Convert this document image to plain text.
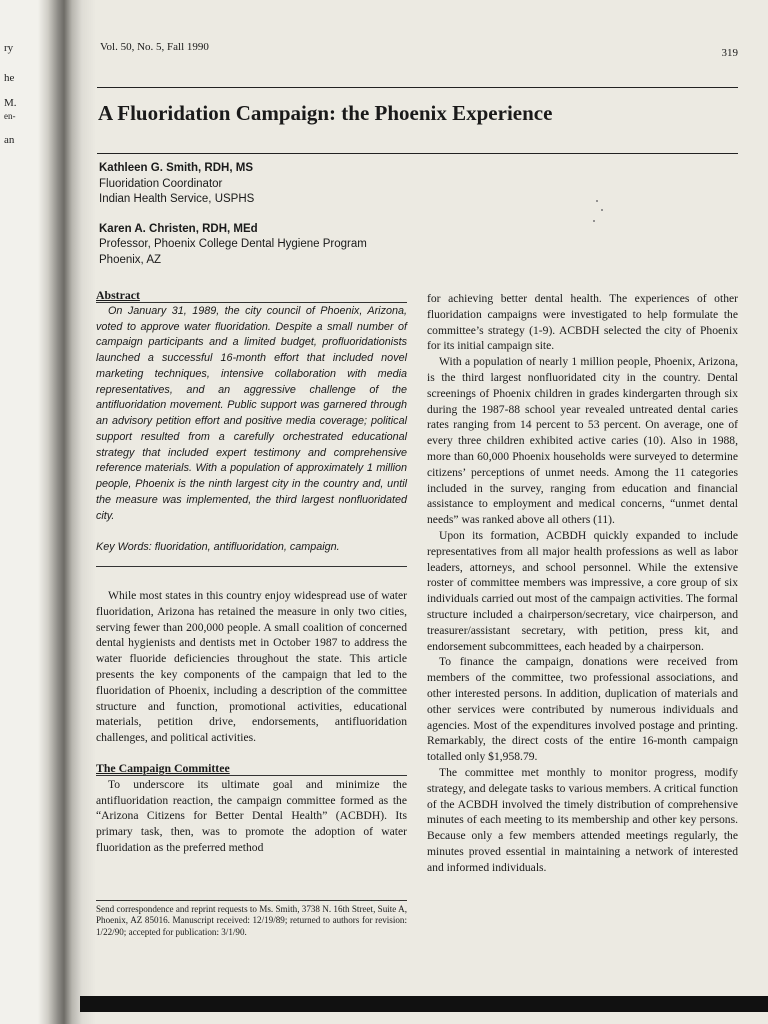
ry
he
M.
en-
an
Vol. 50, No. 5, Fall 1990	319
A Fluoridation Campaign: the Phoenix Experience
Kathleen G. Smith, RDH, MS
Fluoridation Coordinator
Indian Health Service, USPHS
Karen A. Christen, RDH, MEd
Professor, Phoenix College Dental Hygiene Program
Phoenix, AZ
Abstract

On January 31, 1989, the city council of Phoenix, Arizona, voted to approve water fluoridation. Despite a small number of campaign participants and a limited budget, profluoridationists launched a successful 16-month effort that included novel marketing techniques, intensive collaboration with media representatives, and an aggressive challenge of the antifluoridation movement. Public support was garnered through an advisory petition effort and positive media coverage; political support resulted from a carefully orchestrated educational strategy that included expert testimony and comprehensive reference materials. With a population of approximately 1 million people, Phoenix is the ninth largest city in the country and, until the measure was implemented, the third largest nonfluoridated city.

Key Words: fluoridation, antifluoridation, campaign.

While most states in this country enjoy widespread use of water fluoridation, Arizona has retained the measure in only two cities, serving fewer than 200,000 people. A small coalition of concerned dental hygienists and dentists met in October 1987 to address the water fluoride deficiencies throughout the state. This article presents the key components of the campaign that led to the fluoridation of Phoenix, including a description of the committee structure and function, promotional activities, educational materials, petition drive, endorsements, antifluoridation challenges, and political activities.

The Campaign Committee

To underscore its ultimate goal and minimize the antifluoridation reaction, the campaign committee formed as the “Arizona Citizens for Better Dental Health” (ACBDH). Its primary task, then, was to promote the adoption of water fluoridation as the preferred method

Send correspondence and reprint requests to Ms. Smith, 3738 N. 16th Street, Suite A, Phoenix, AZ 85016. Manuscript received: 12/19/89; returned to authors for revision: 1/22/90; accepted for publication: 3/1/90.

for achieving better dental health. The experiences of other fluoridation campaigns were investigated to help formulate the committee’s strategy (1-9). ACBDH selected the city of Phoenix for its initial campaign site.

With a population of nearly 1 million people, Phoenix, Arizona, is the third largest nonfluoridated city in the country. Dental screenings of Phoenix children in grades kindergarten through six during the 1987-88 school year revealed untreated dental caries rates ranging from 14 percent to 53 percent. On average, one of every three children exhibited active caries (10). Also in 1988, more than 60,000 Phoenix households were surveyed to determine citizens’ perceptions of unmet needs. Among the 11 categories included in the survey, ranging from education and financial assistance to employment and medical concerns, “unmet dental needs” was ranked above all others (11).

Upon its formation, ACBDH quickly expanded to include representatives from all major health professions as well as labor leaders, attorneys, and school personnel. While the extensive roster of committee members was impressive, a core group of six individuals carried out most of the campaign activities. The formal structure included a chairperson/secretary, vice chairperson, and treasurer/assistant secretary, with petition, press kit, and endorsement subcommittees, each headed by a chairperson.

To finance the campaign, donations were received from members of the committee, two professional associations, and other interested persons. In addition, duplication of materials and other services were contributed by numerous individuals and agencies. Most of the expenditures involved postage and printing. Remarkably, the direct costs of the entire 16-month campaign totalled only $1,958.79.

The committee met monthly to monitor progress, modify strategy, and delegate tasks to various members. A critical function of the ACBDH involved the timely distribution of comprehensive minutes of each meeting to its membership and other key persons. Because only a few members attended meetings regularly, the minutes proved essential in maintaining a network of interested and informed individuals.
